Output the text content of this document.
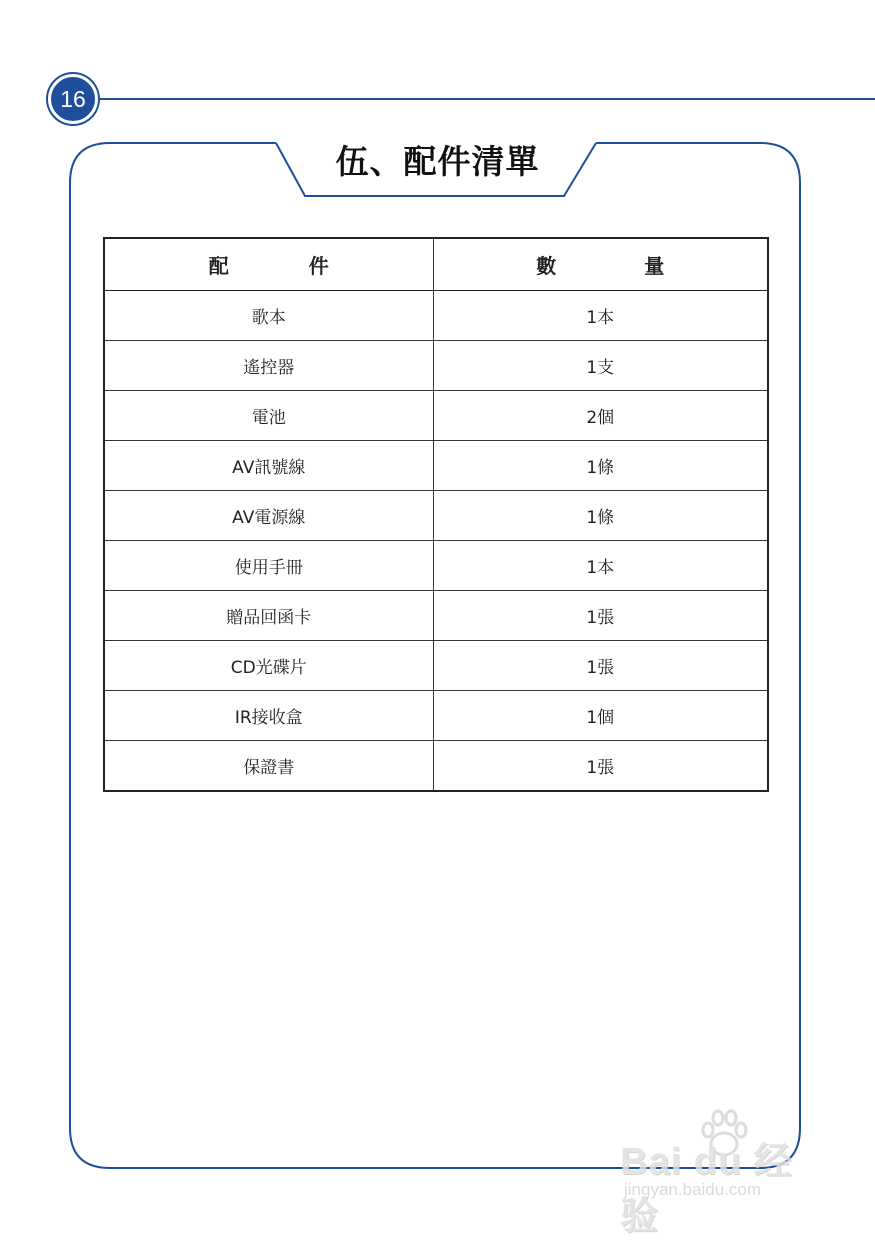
16
伍、配件清單
配件	數量
歌本	1本
遙控器	1支
電池	2個
AV訊號線	1條
AV電源線	1條
使用手冊	1本
贈品回函卡	1張
CD光碟片	1張
IR接收盒	1個
保證書	1張
Bai du 经验
jingyan.baidu.com
